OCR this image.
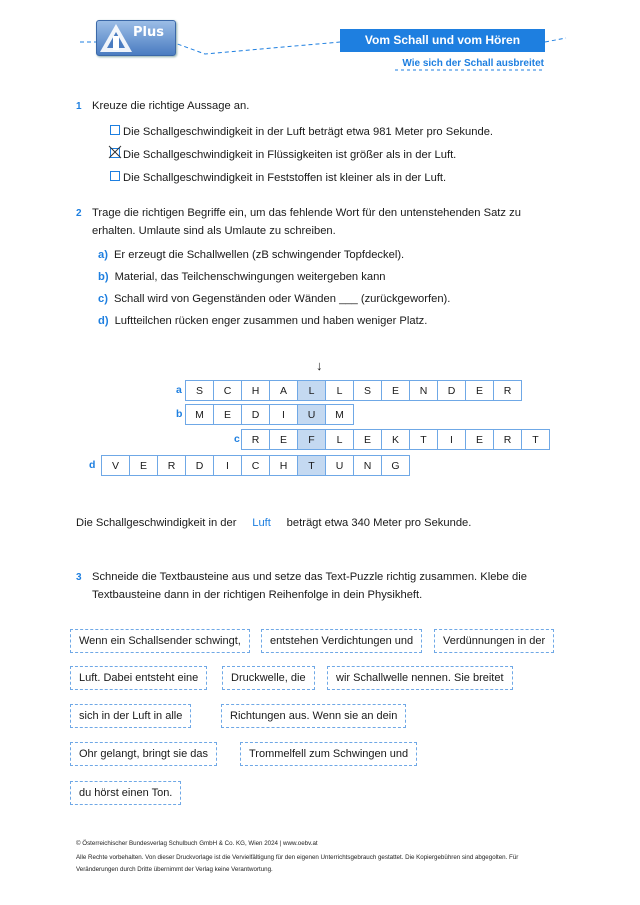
Plus	Vom Schall und vom Hören
Wie sich der Schall ausbreitet
1 Kreuze die richtige Aussage an.
Die Schallgeschwindigkeit in der Luft beträgt etwa 981 Meter pro Sekunde.
Die Schallgeschwindigkeit in Flüssigkeiten ist größer als in der Luft.
Die Schallgeschwindigkeit in Feststoffen ist kleiner als in der Luft.
2 Trage die richtigen Begriffe ein, um das fehlende Wort für den untenstehenden Satz zu
erhalten. Umlaute sind als Umlaute zu schreiben.
a) Er erzeugt die Schallwellen (zB schwingender Topfdeckel).
b) Material, das Teilchenschwingungen weitergeben kann
c) Schall wird von Gegenständen oder Wänden ___ (zurückgeworfen).
d) Luftteilchen rücken enger zusammen und haben weniger Platz.
↓
a	S	C	H	A	L	L	S	E	N	D	E	R
b	M	E	D	I	U	M
c	R	E	F	L	E	K	T	I	E	R	T
d	V	E	R	D	I	C	H	T	U	N	G
Die Schallgeschwindigkeit in der Luft beträgt etwa 340 Meter pro Sekunde.
3 Schneide die Textbausteine aus und setze das Text-Puzzle richtig zusammen. Klebe die
Textbausteine dann in der richtigen Reihenfolge in dein Physikheft.
Wenn ein Schallsender schwingt,	entstehen Verdichtungen und	Verdünnungen in der
Luft. Dabei entsteht eine	Druckwelle, die	wir Schallwelle nennen. Sie breitet
sich in der Luft in alle	Richtungen aus. Wenn sie an dein
Ohr gelangt, bringt sie das	Trommelfell zum Schwingen und
du hörst einen Ton.
© Österreichischer Bundesverlag Schulbuch GmbH & Co. KG, Wien 2024 | www.oebv.at
Alle Rechte vorbehalten. Von dieser Druckvorlage ist die Vervielfältigung für den eigenen Unterrichtsgebrauch gestattet. Die Kopiergebühren sind abgegolten. Für
Veränderungen durch Dritte übernimmt der Verlag keine Verantwortung.
